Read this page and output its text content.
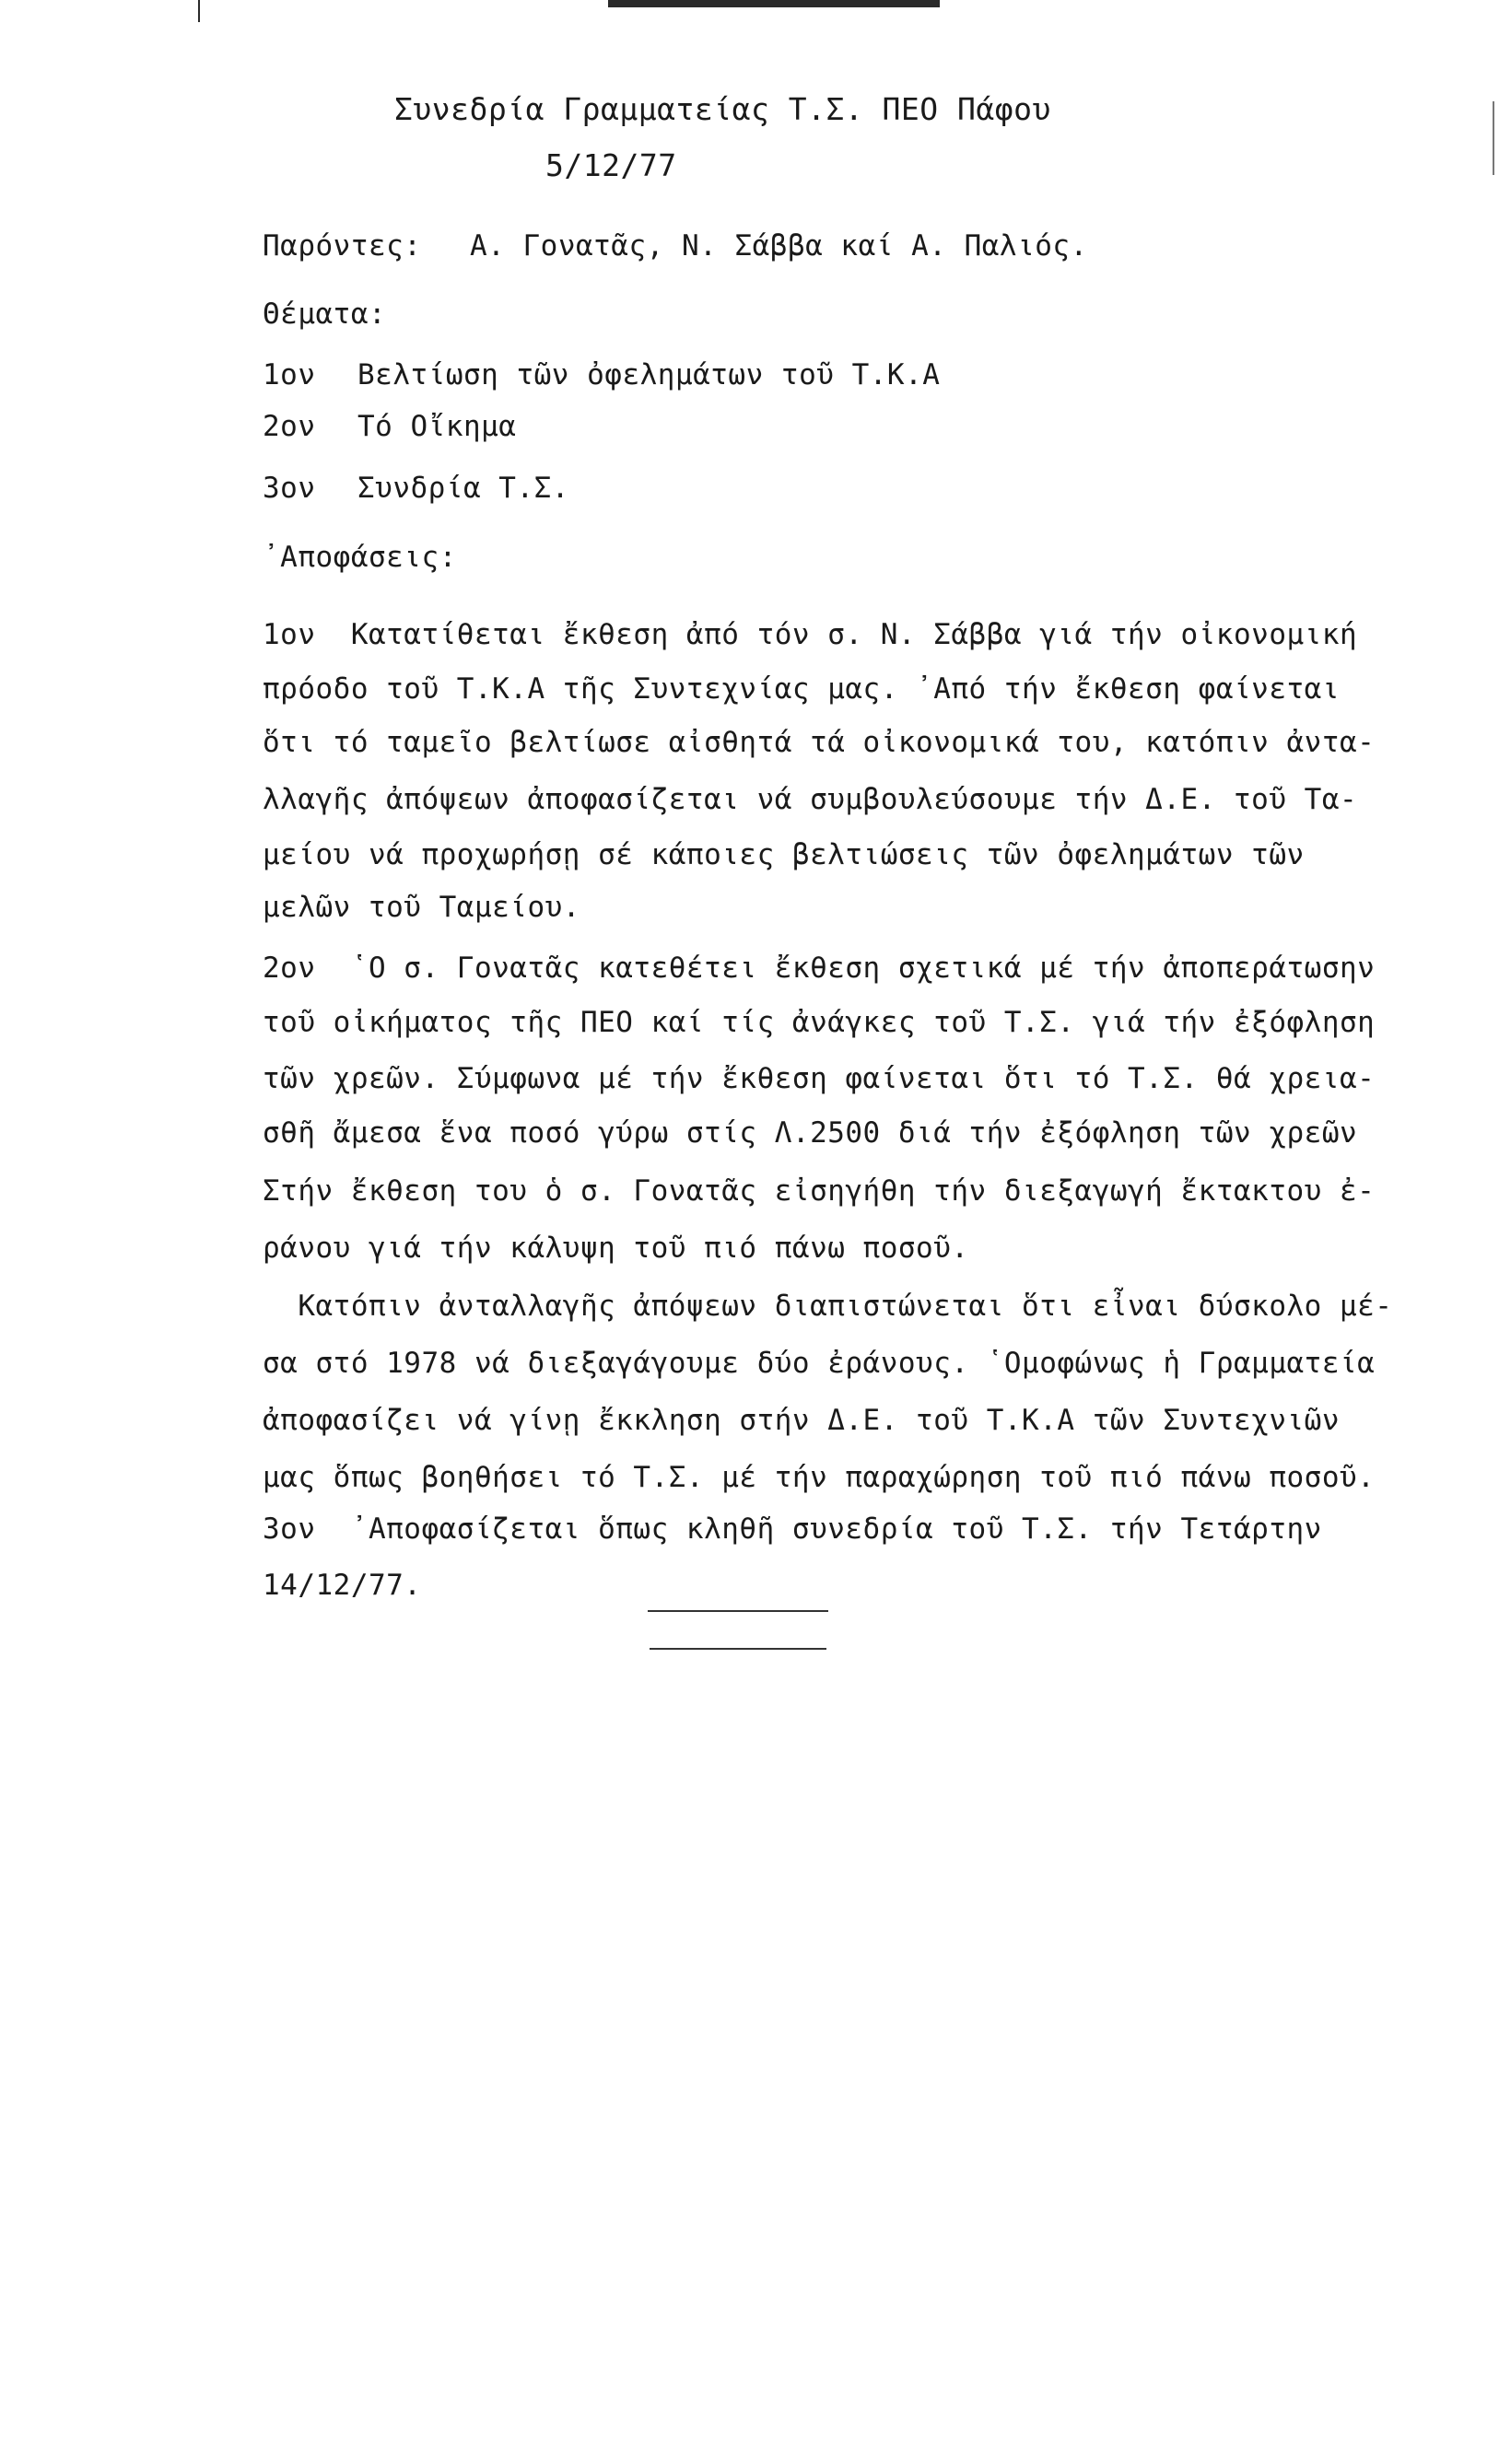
Συνεδρία Γραμματείας Τ.Σ. ΠΕΟ Πάφου
5/12/77
Παρόντες: Α. Γονατᾶς, Ν. Σάββα καί Α. Παλιός.
Θέματα:
1ον Βελτίωση τῶν ὀφελημάτων τοῦ Τ.Κ.Α
2ον Τό Οἴκημα
3ον Συνδρία Τ.Σ.
᾿Αποφάσεις:
1ον  Κατατίθεται ἔκθεση ἀπό τόν σ. Ν. Σάββα γιά τήν οἰκονομική
πρόοδο τοῦ Τ.Κ.Α τῆς Συντεχνίας μας. ᾿Από τήν ἔκθεση φαίνεται
ὅτι τό ταμεῖο βελτίωσε αἰσθητά τά οἰκονομικά του, κατόπιν ἀντα-
λλαγῆς ἀπόψεων ἀποφασίζεται νά συμβουλεύσουμε τήν Δ.Ε. τοῦ Τα-
μείου νά προχωρήσῃ σέ κάποιες βελτιώσεις τῶν ὀφελημάτων τῶν
μελῶν τοῦ Ταμείου.
2ον  ῾Ο σ. Γονατᾶς κατεθέτει ἔκθεση σχετικά μέ τήν ἀποπεράτωσην
τοῦ οἰκήματος τῆς ΠΕΟ καί τίς ἀνάγκες τοῦ Τ.Σ. γιά τήν ἐξόφληση
τῶν χρεῶν. Σύμφωνα μέ τήν ἔκθεση φαίνεται ὅτι τό Τ.Σ. θά χρεια-
σθῆ ἄμεσα ἕνα ποσό γύρω στίς Λ.2500 διά τήν ἐξόφληση τῶν χρεῶν
Στήν ἔκθεση του ὁ σ. Γονατᾶς εἰσηγήθη τήν διεξαγωγή ἔκτακτου ἐ-
ράνου γιά τήν κάλυψη τοῦ πιό πάνω ποσοῦ.
Κατόπιν ἀνταλλαγῆς ἀπόψεων διαπιστώνεται ὅτι εἶναι δύσκολο μέ-
σα στό 1978 νά διεξαγάγουμε δύο ἐράνους. ῾Ομοφώνως ἡ Γραμματεία
ἀποφασίζει νά γίνῃ ἔκκληση στήν Δ.Ε. τοῦ Τ.Κ.Α τῶν Συντεχνιῶν
μας ὅπως βοηθήσει τό Τ.Σ. μέ τήν παραχώρηση τοῦ πιό πάνω ποσοῦ.
3ον  ᾿Αποφασίζεται ὅπως κληθῆ συνεδρία τοῦ Τ.Σ. τήν Τετάρτην
14/12/77.
